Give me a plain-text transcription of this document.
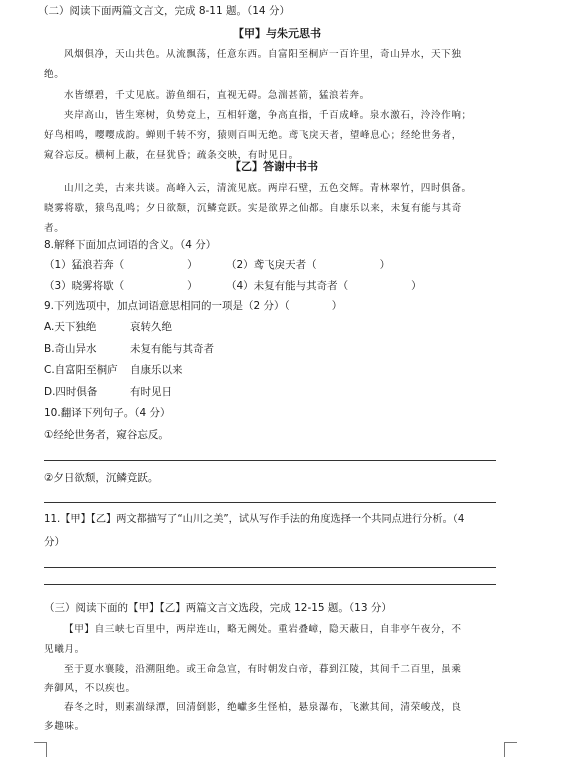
（二）阅读下面两篇文言文，完成 8-11 题。（14 分）
【甲】与朱元思书
风烟俱净，天山共色。从流飘荡，任意东西。自富阳至桐庐一百许里，奇山异水，天下独
绝。
水皆缥碧，千丈见底。游鱼细石，直视无碍。急湍甚箭，猛浪若奔。
夹岸高山，皆生寒树，负势竞上，互相轩邈，争高直指，千百成峰。泉水激石，泠泠作响；
好鸟相鸣，嘤嘤成韵。蝉则千转不穷，猿则百叫无绝。鸢飞戾天者，望峰息心；经纶世务者，
窥谷忘反。横柯上蔽，在昼犹昏；疏条交映，有时见日。
【乙】答谢中书书
山川之美，古来共谈。高峰入云，清流见底。两岸石壁，五色交辉。青林翠竹，四时俱备。
晓雾将歇，猿鸟乱鸣；夕日欲颓，沉鳞竞跃。实是欲界之仙都。自康乐以来，未复有能与其奇
者。
8.解释下面加点词语的含义。（4 分）
（1）猛浪若奔（　　　　　　）	（2）鸢飞戾天者（　　　　　　）
（3）晓雾将歇（　　　　　　）	（4）未复有能与其奇者（　　　　　　）
9.下列选项中，加点词语意思相同的一项是（2 分）（　　　　）
A.天下独绝	哀转久绝
B.奇山异水	未复有能与其奇者
C.自富阳至桐庐 自康乐以来
D.四时俱备	有时见日
10.翻译下列句子。（4 分）
①经纶世务者，窥谷忘反。
②夕日欲颓，沉鳞竞跃。
11.【甲】【乙】两文都描写了“山川之美”，试从写作手法的角度选择一个共同点进行分析。（4
分）
（三）阅读下面的【甲】【乙】两篇文言文选段，完成 12-15 题。（13 分）
【甲】自三峡七百里中，两岸连山，略无阙处。重岩叠嶂，隐天蔽日，自非亭午夜分，不
见曦月。
至于夏水襄陵，沿溯阻绝。或王命急宣，有时朝发白帝，暮到江陵，其间千二百里，虽乘
奔御风，不以疾也。
春冬之时，则素湍绿潭，回清倒影，绝巘多生怪柏，悬泉瀑布，飞漱其间，清荣峻茂，良
多趣味。
